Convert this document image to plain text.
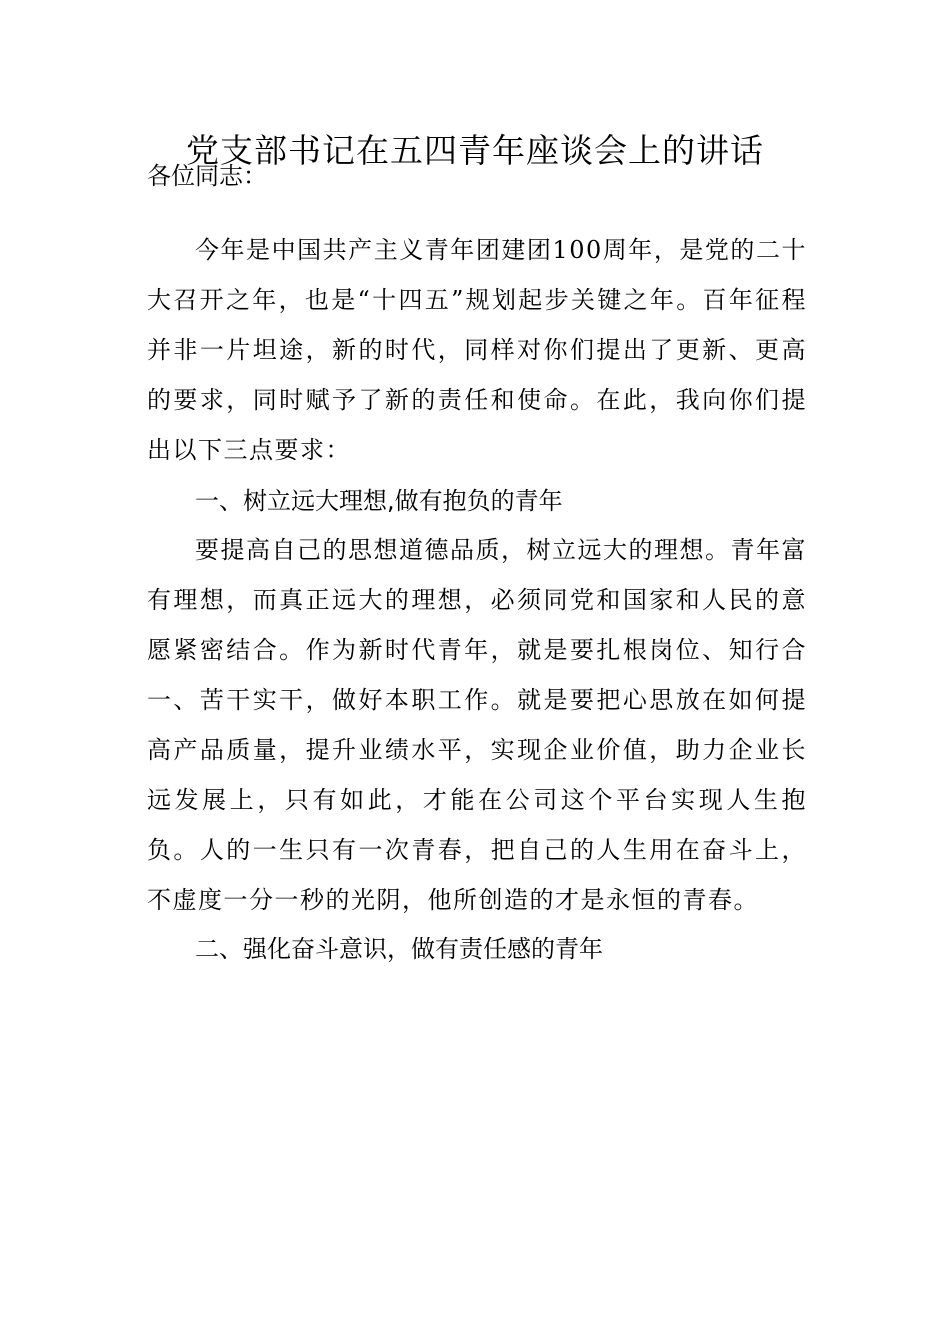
党支部书记在五四青年座谈会上的讲话
各位同志：
今年是中国共产主义青年团建团100周年，是党的二十大召开之年，也是“十四五”规划起步关键之年。百年征程并非一片坦途，新的时代，同样对你们提出了更新、更高的要求，同时赋予了新的责任和使命。在此，我向你们提出以下三点要求：
一、树立远大理想,做有抱负的青年
要提高自己的思想道德品质，树立远大的理想。青年富有理想，而真正远大的理想，必须同党和国家和人民的意愿紧密结合。作为新时代青年，就是要扎根岗位、知行合一、苦干实干，做好本职工作。就是要把心思放在如何提高产品质量，提升业绩水平，实现企业价值，助力企业长远发展上，只有如此，才能在公司这个平台实现人生抱负。人的一生只有一次青春，把自己的人生用在奋斗上，不虚度一分一秒的光阴，他所创造的才是永恒的青春。
二、强化奋斗意识，做有责任感的青年
